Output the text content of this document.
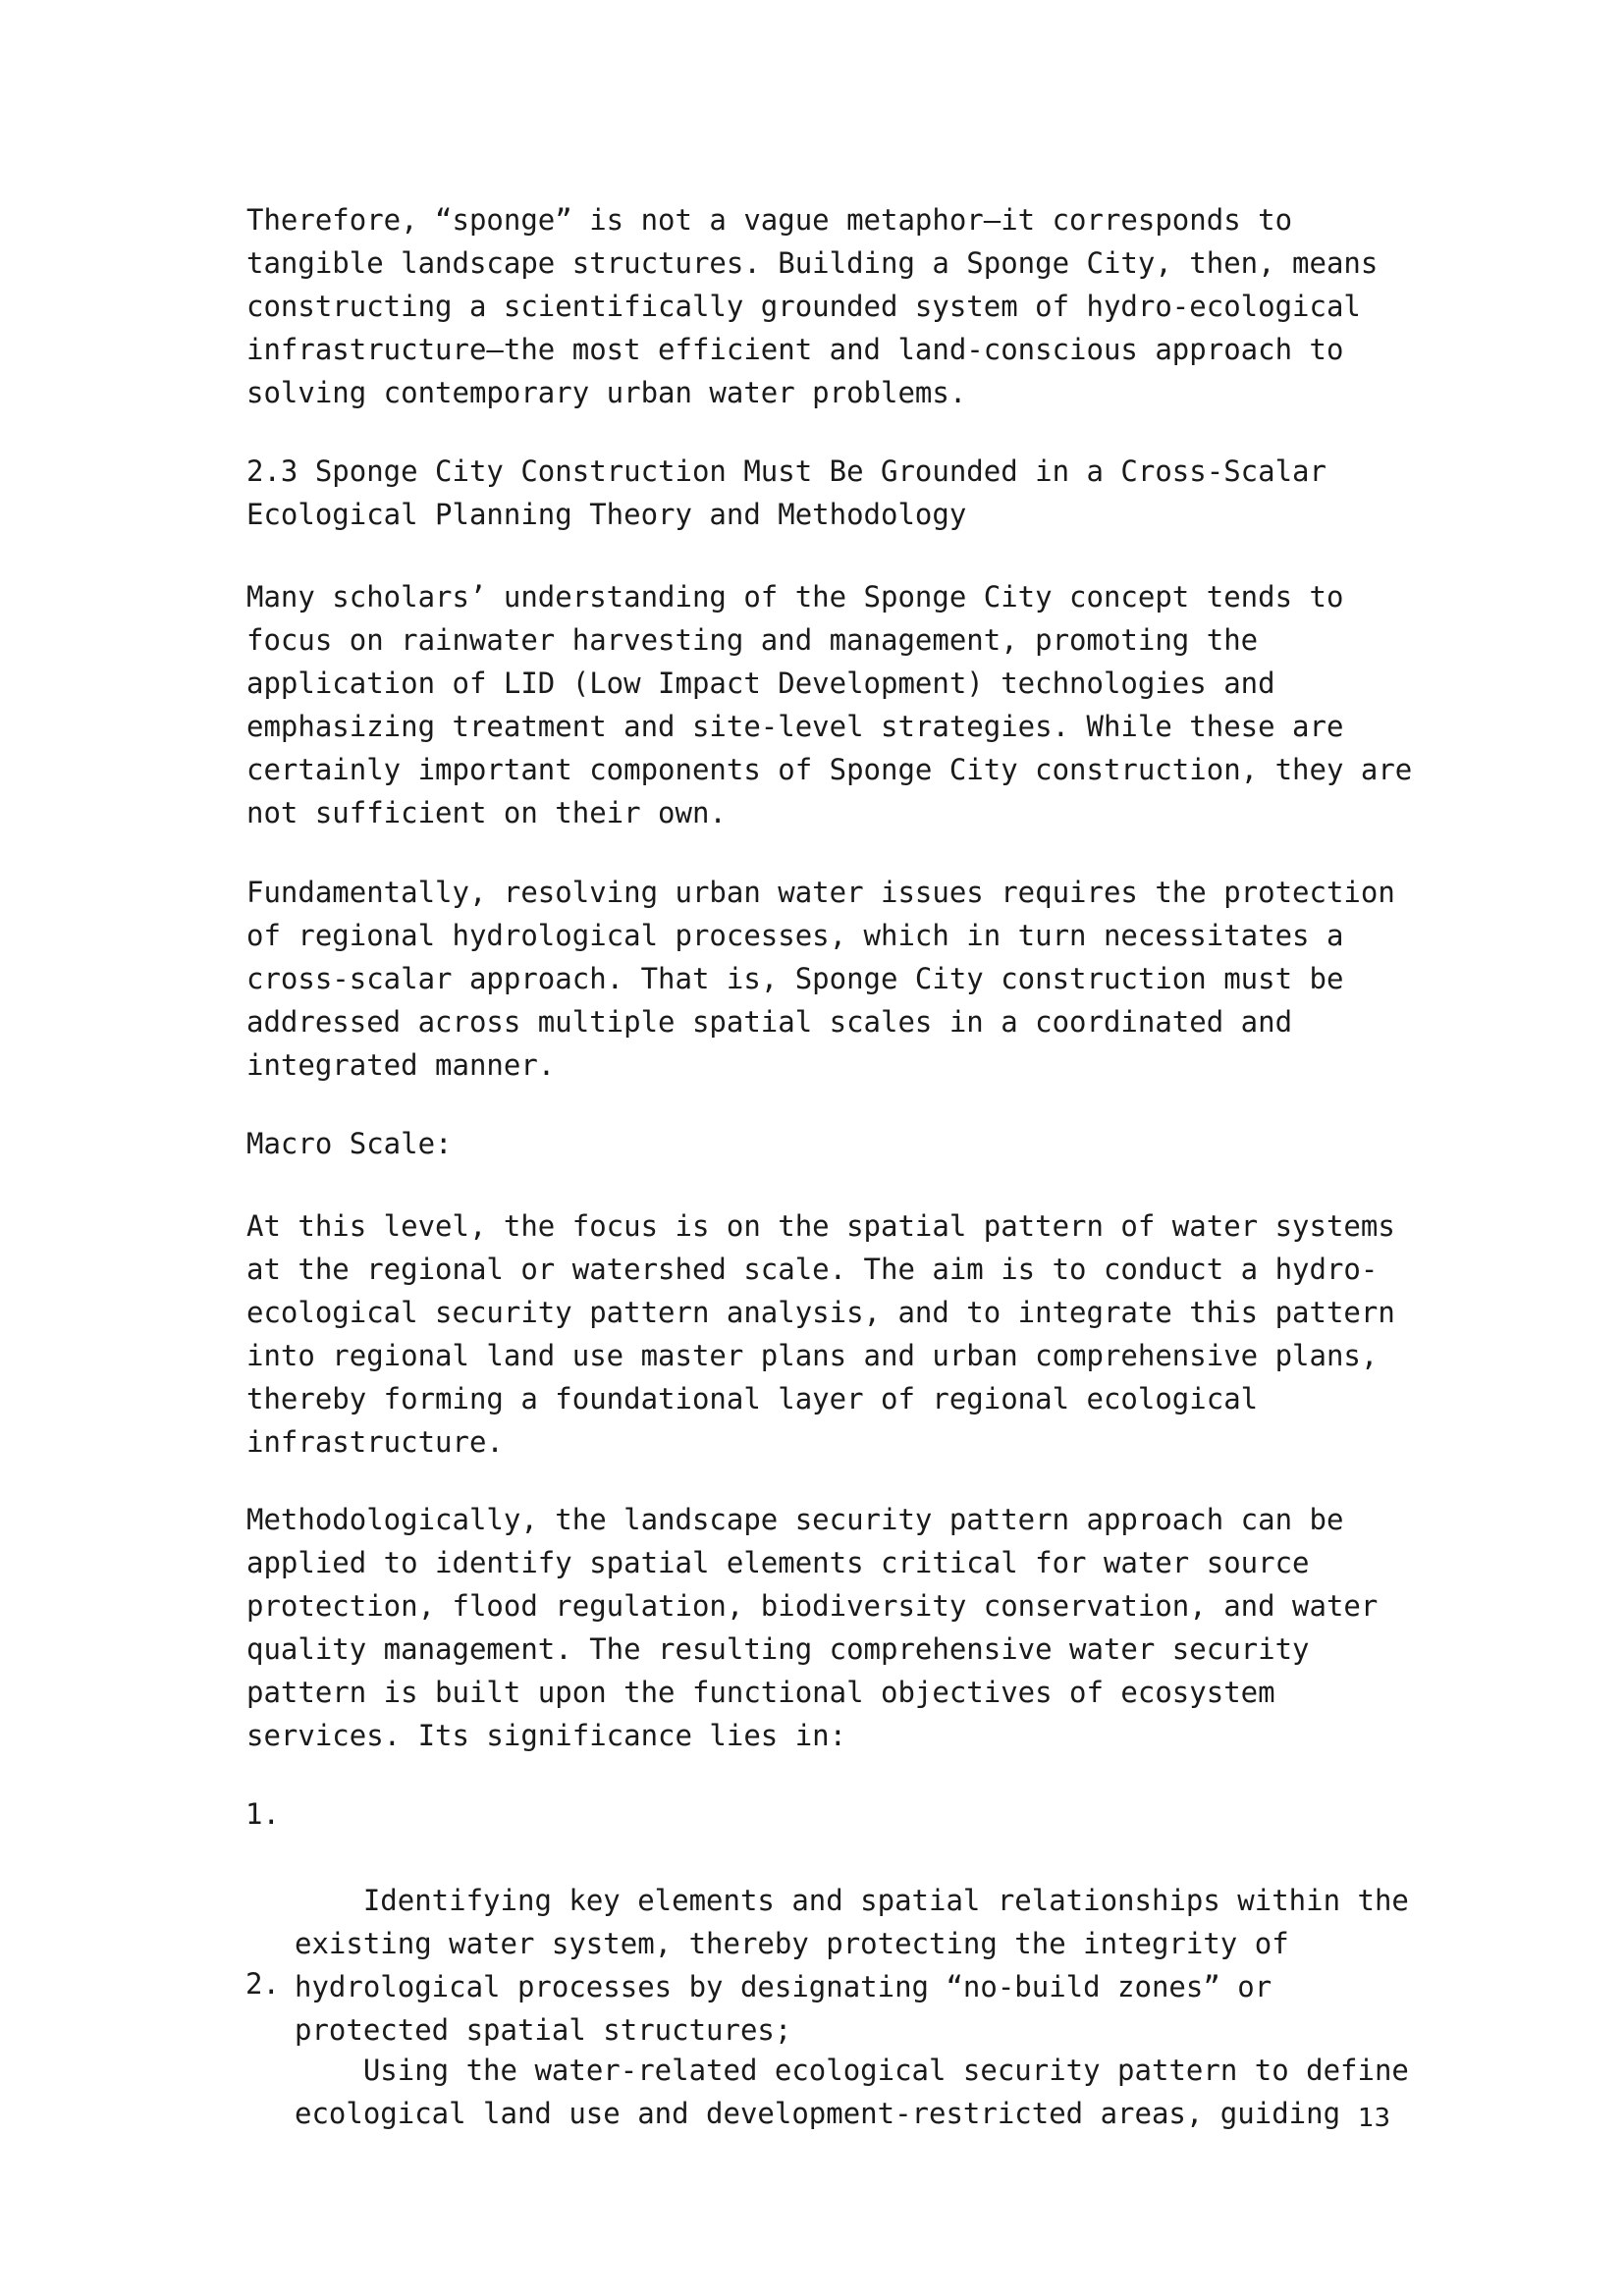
Therefore, “sponge” is not a vague metaphor—it corresponds to
tangible landscape structures. Building a Sponge City, then, means
constructing a scientifically grounded system of hydro-ecological
infrastructure—the most efficient and land-conscious approach to
solving contemporary urban water problems.

2.3 Sponge City Construction Must Be Grounded in a Cross-Scalar
Ecological Planning Theory and Methodology

Many scholars’ understanding of the Sponge City concept tends to
focus on rainwater harvesting and management, promoting the
application of LID (Low Impact Development) technologies and
emphasizing treatment and site-level strategies. While these are
certainly important components of Sponge City construction, they are
not sufficient on their own.

Fundamentally, resolving urban water issues requires the protection
of regional hydrological processes, which in turn necessitates a
cross-scalar approach. That is, Sponge City construction must be
addressed across multiple spatial scales in a coordinated and
integrated manner.

Macro Scale:

At this level, the focus is on the spatial pattern of water systems
at the regional or watershed scale. The aim is to conduct a hydro-
ecological security pattern analysis, and to integrate this pattern
into regional land use master plans and urban comprehensive plans,
thereby forming a foundational layer of regional ecological
infrastructure.

Methodologically, the landscape security pattern approach can be
applied to identify spatial elements critical for water source
protection, flood regulation, biodiversity conservation, and water
quality management. The resulting comprehensive water security
pattern is built upon the functional objectives of ecosystem
services. Its significance lies in:

1.

Identifying key elements and spatial relationships within the
existing water system, thereby protecting the integrity of
hydrological processes by designating “no-build zones” or
protected spatial structures;

2.

Using the water-related ecological security pattern to define
ecological land use and development-restricted areas, guiding
13
